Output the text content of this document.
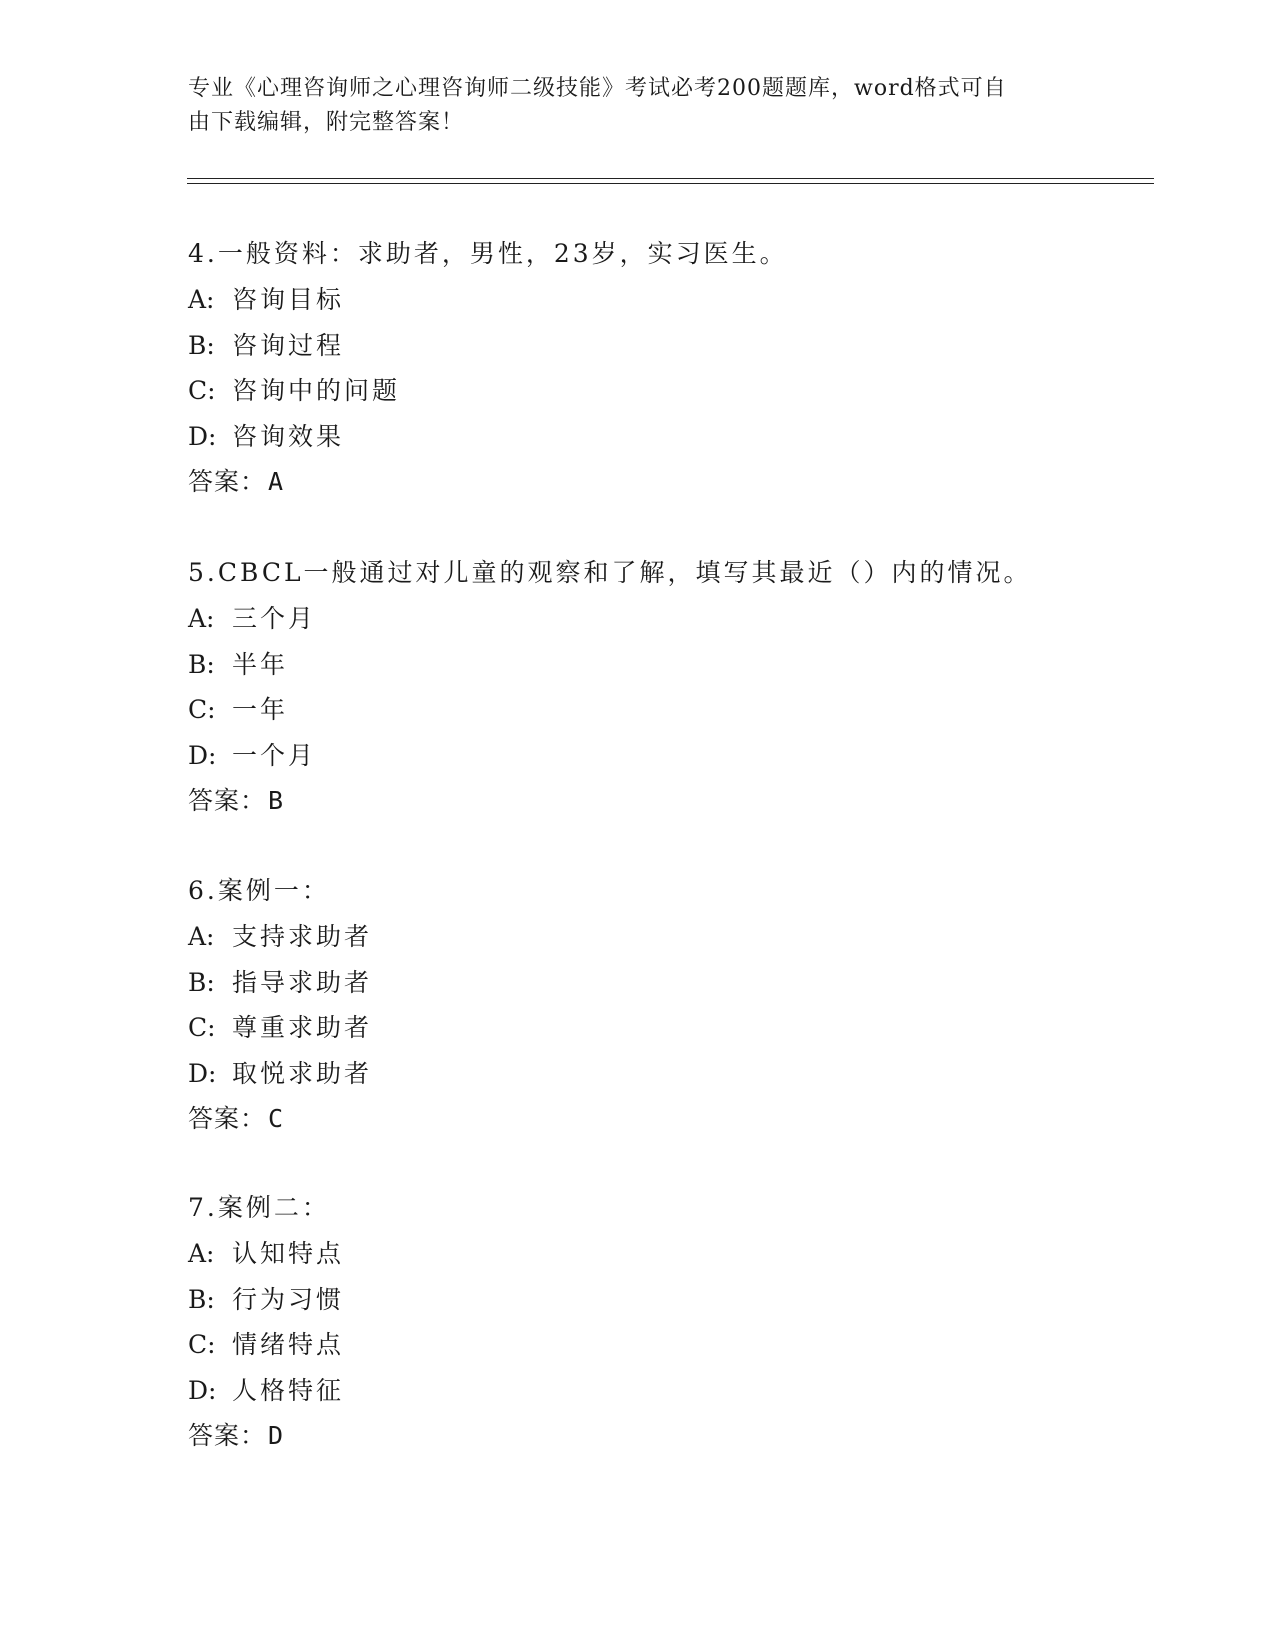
专业《心理咨询师之心理咨询师二级技能》考试必考200题题库，word格式可自
由下载编辑，附完整答案！
4.一般资料：求助者，男性，23岁，实习医生。
A: 咨询目标
B: 咨询过程
C: 咨询中的问题
D: 咨询效果
答案：A
5.CBCL一般通过对儿童的观察和了解，填写其最近（）内的情况。
A: 三个月
B: 半年
C: 一年
D: 一个月
答案：B
6.案例一：
A: 支持求助者
B: 指导求助者
C: 尊重求助者
D: 取悦求助者
答案：C
7.案例二：
A: 认知特点
B: 行为习惯
C: 情绪特点
D: 人格特征
答案：D
